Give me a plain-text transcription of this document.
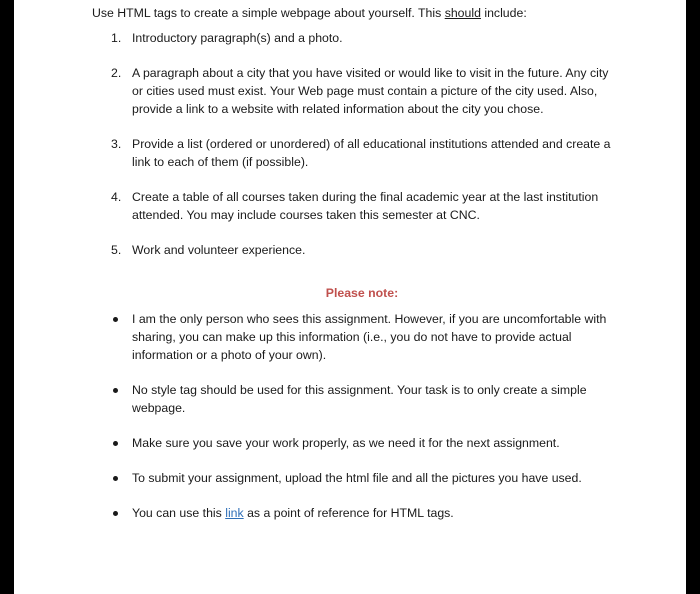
Use HTML tags to create a simple webpage about yourself. This should include:

1. Introductory paragraph(s) and a photo.
2. A paragraph about a city that you have visited or would like to visit in the future. Any city or cities used must exist. Your Web page must contain a picture of the city used. Also, provide a link to a website with related information about the city you chose.
3. Provide a list (ordered or unordered) of all educational institutions attended and create a link to each of them (if possible).
4. Create a table of all courses taken during the final academic year at the last institution attended. You may include courses taken this semester at CNC.
5. Work and volunteer experience.

Please note:

I am the only person who sees this assignment. However, if you are uncomfortable with sharing, you can make up this information (i.e., you do not have to provide actual information or a photo of your own).
No style tag should be used for this assignment. Your task is to only create a simple webpage.
Make sure you save your work properly, as we need it for the next assignment.
To submit your assignment, upload the html file and all the pictures you have used.
You can use this link as a point of reference for HTML tags.
